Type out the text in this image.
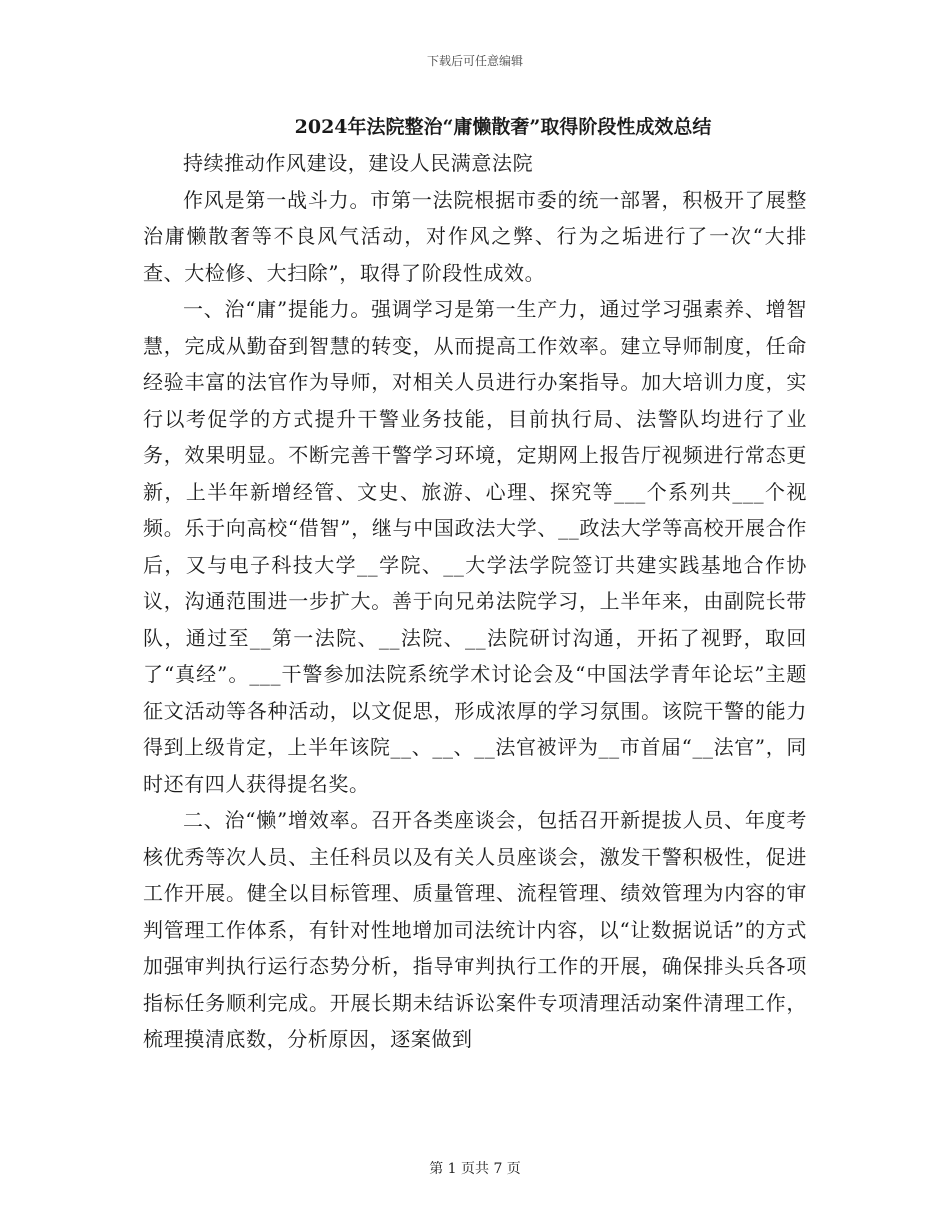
下载后可任意编辑
2024年法院整治“庸懒散奢”取得阶段性成效总结

持续推动作风建设，建设人民满意法院

作风是第一战斗力。市第一法院根据市委的统一部署，积极开了展整治庸懒散奢等不良风气活动，对作风之弊、行为之垢进行了一次“大排查、大检修、大扫除”，取得了阶段性成效。

一、治“庸”提能力。强调学习是第一生产力，通过学习强素养、增智慧，完成从勤奋到智慧的转变，从而提高工作效率。建立导师制度，任命经验丰富的法官作为导师，对相关人员进行办案指导。加大培训力度，实行以考促学的方式提升干警业务技能，目前执行局、法警队均进行了业务，效果明显。不断完善干警学习环境，定期网上报告厅视频进行常态更新，上半年新增经管、文史、旅游、心理、探究等___个系列共___个视频。乐于向高校“借智”，继与中国政法大学、__政法大学等高校开展合作后，又与电子科技大学__学院、__大学法学院签订共建实践基地合作协议，沟通范围进一步扩大。善于向兄弟法院学习，上半年来，由副院长带队，通过至__第一法院、__法院、__法院研讨沟通，开拓了视野，取回了“真经”。___干警参加法院系统学术讨论会及“中国法学青年论坛”主题征文活动等各种活动，以文促思，形成浓厚的学习氛围。该院干警的能力得到上级肯定，上半年该院__、__、__法官被评为__市首届“__法官”，同时还有四人获得提名奖。

二、治“懒”增效率。召开各类座谈会，包括召开新提拔人员、年度考核优秀等次人员、主任科员以及有关人员座谈会，激发干警积极性，促进工作开展。健全以目标管理、质量管理、流程管理、绩效管理为内容的审判管理工作体系，有针对性地增加司法统计内容，以“让数据说话”的方式加强审判执行运行态势分析，指导审判执行工作的开展，确保排头兵各项指标任务顺利完成。开展长期未结诉讼案件专项清理活动案件清理工作，梳理摸清底数，分析原因，逐案做到

第 1 页共 7 页
